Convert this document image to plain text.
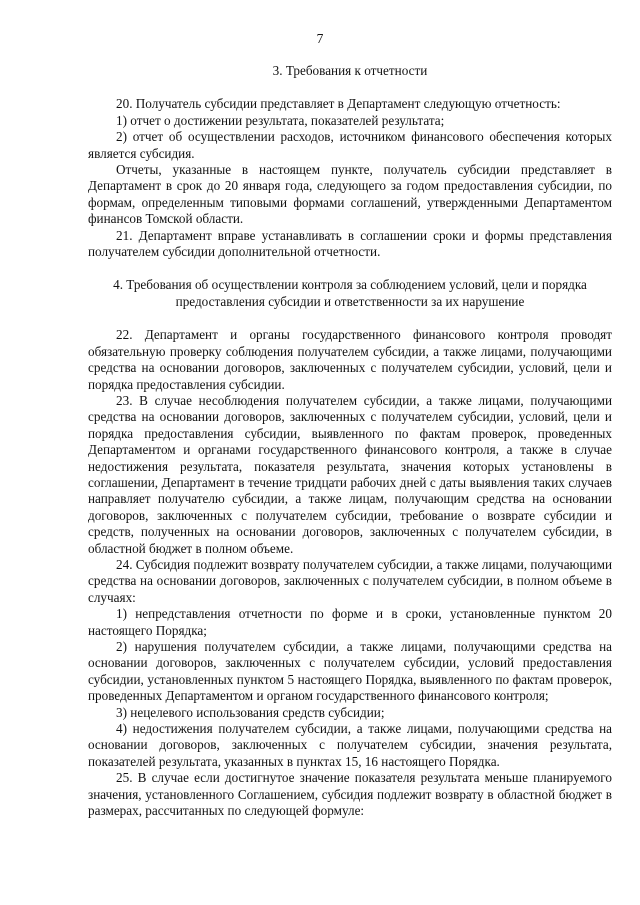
7

3. Требования к отчетности

20. Получатель субсидии представляет в Департамент следующую отчетность:

1) отчет о достижении результата, показателей результата;

2) отчет об осуществлении расходов, источником финансового обеспечения которых является субсидия.

Отчеты, указанные в настоящем пункте, получатель субсидии представляет в Департамент в срок до 20 января года, следующего за годом предоставления субсидии, по формам, определенным типовыми формами соглашений, утвержденными Департаментом финансов Томской области.

21. Департамент вправе устанавливать в соглашении сроки и формы представления получателем субсидии дополнительной отчетности.

4. Требования об осуществлении контроля за соблюдением условий, цели и порядка предоставления субсидии и ответственности за их нарушение

22. Департамент и органы государственного финансового контроля проводят обязательную проверку соблюдения получателем субсидии, а также лицами, получающими средства на основании договоров, заключенных с получателем субсидии, условий, цели и порядка предоставления субсидии.

23. В случае несоблюдения получателем субсидии, а также лицами, получающими средства на основании договоров, заключенных с получателем субсидии, условий, цели и порядка предоставления субсидии, выявленного по фактам проверок, проведенных Департаментом и органами государственного финансового контроля, а также в случае недостижения результата, показателя результата, значения которых установлены в соглашении, Департамент в течение тридцати рабочих дней с даты выявления таких случаев направляет получателю субсидии, а также лицам, получающим средства на основании договоров, заключенных с получателем субсидии, требование о возврате субсидии и средств, полученных на основании договоров, заключенных с получателем субсидии, в областной бюджет в полном объеме.

24. Субсидия подлежит возврату получателем субсидии, а также лицами, получающими средства на основании договоров, заключенных с получателем субсидии, в полном объеме в случаях:

1) непредставления отчетности по форме и в сроки, установленные пунктом 20 настоящего Порядка;

2) нарушения получателем субсидии, а также лицами, получающими средства на основании договоров, заключенных с получателем субсидии, условий предоставления субсидии, установленных пунктом 5 настоящего Порядка, выявленного по фактам проверок, проведенных Департаментом и органом государственного финансового контроля;

3) нецелевого использования средств субсидии;

4) недостижения получателем субсидии, а также лицами, получающими средства на основании договоров, заключенных с получателем субсидии, значения результата, показателей результата, указанных в пунктах 15, 16 настоящего Порядка.

25. В случае если достигнутое значение показателя результата меньше планируемого значения, установленного Соглашением, субсидия подлежит возврату в областной бюджет в размерах, рассчитанных по следующей формуле:
